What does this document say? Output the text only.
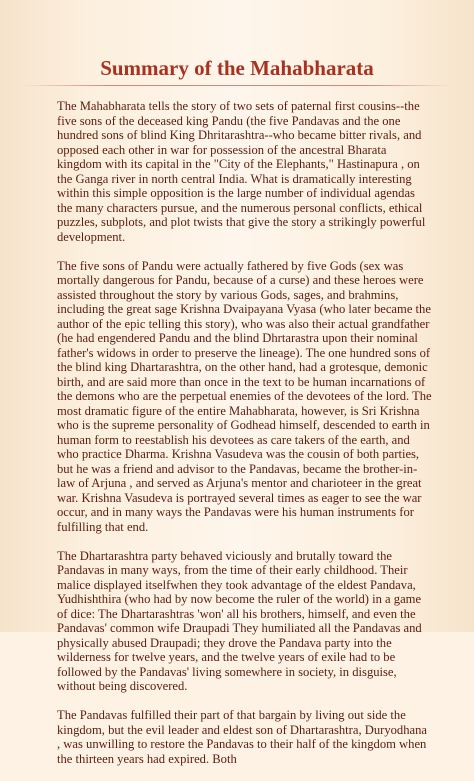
Summary of the Mahabharata

The Mahabharata tells the story of two sets of paternal first cousins--the five sons of the deceased king Pandu (the five Pandavas and the one hundred sons of blind King Dhritarashtra--who became bitter rivals, and opposed each other in war for possession of the ancestral Bharata kingdom with its capital in the "City of the Elephants," Hastinapura , on the Ganga river in north central India. What is dramatically interesting within this simple opposition is the large number of individual agendas the many characters pursue, and the numerous personal conflicts, ethical puzzles, subplots, and plot twists that give the story a strikingly powerful development.

The five sons of Pandu were actually fathered by five Gods (sex was mortally dangerous for Pandu, because of a curse) and these heroes were assisted throughout the story by various Gods, sages, and brahmins, including the great sage Krishna Dvaipayana Vyasa (who later became the author of the epic telling this story), who was also their actual grandfather (he had engendered Pandu and the blind Dhrtarastra upon their nominal father's widows in order to preserve the lineage). The one hundred sons of the blind king Dhartarashtra, on the other hand, had a grotesque, demonic birth, and are said more than once in the text to be human incarnations of the demons who are the perpetual enemies of the devotees of the lord. The most dramatic figure of the entire Mahabharata, however, is Sri Krishna who is the supreme personality of Godhead himself, descended to earth in human form to reestablish his devotees as care takers of the earth, and who practice Dharma. Krishna Vasudeva was the cousin of both parties, but he was a friend and advisor to the Pandavas, became the brother-in-law of Arjuna , and served as Arjuna's mentor and charioteer in the great war. Krishna Vasudeva is portrayed several times as eager to see the war occur, and in many ways the Pandavas were his human instruments for fulfilling that end.

The Dhartarashtra party behaved viciously and brutally toward the Pandavas in many ways, from the time of their early childhood. Their malice displayed itselfwhen they took advantage of the eldest Pandava, Yudhishthira (who had by now become the ruler of the world) in a game of dice: The Dhartarashtras 'won' all his brothers, himself, and even the Pandavas' common wife Draupadi They humiliated all the Pandavas and physically abused Draupadi; they drove the Pandava party into the wilderness for twelve years, and the twelve years of exile had to be followed by the Pandavas' living somewhere in society, in disguise, without being discovered.

The Pandavas fulfilled their part of that bargain by living out side the kingdom, but the evil leader and eldest son of Dhartarashtra, Duryodhana , was unwilling to restore the Pandavas to their half of the kingdom when the thirteen years had expired. Both
